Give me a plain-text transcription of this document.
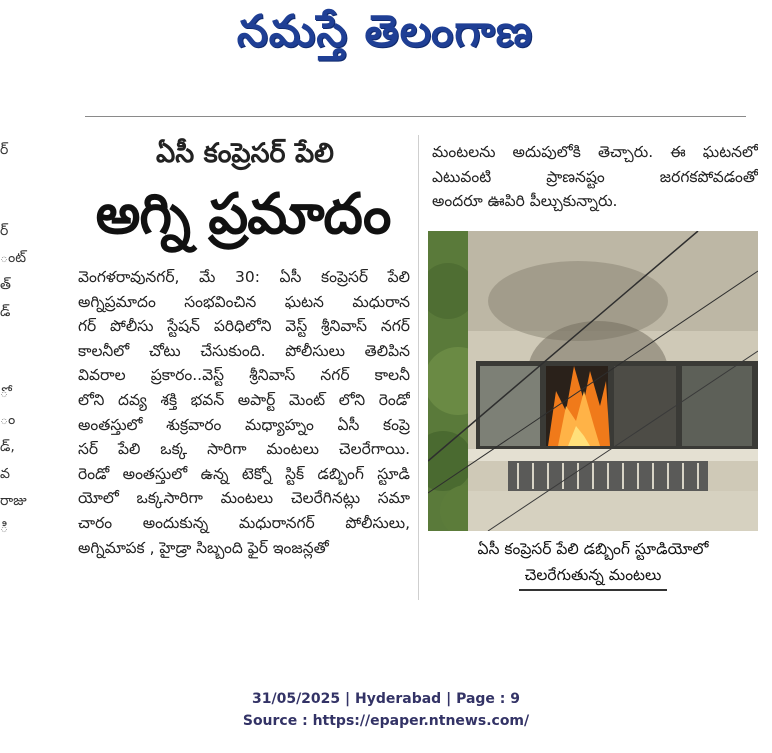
నమస్తే తెలంగాణ
ర్
ర్
ంట్
త్
డ్
ో
ం
డ్,
వ
రాజు
ి
ఏసీ కంప్రెసర్ పేలి
అగ్ని ప్రమాదం
వెంగళరావునగర్, మే 30: ఏసీ కంప్రెసర్ పేలి
అగ్నిప్రమాదం సంభవించిన ఘటన మధురాన
గర్ పోలీసు స్టేషన్ పరిధిలోని వెస్ట్ శ్రీనివాస్ నగర్
కాలనీలో చోటు చేసుకుంది. పోలీసులు తెలిపిన
వివరాల ప్రకారం..వెస్ట్ శ్రీనివాస్ నగర్ కాలనీ
లోని దవ్య శక్తి భవన్ అపార్ట్ మెంట్ లోని రెండో
అంతస్తులో శుక్రవారం మధ్యాహ్నం ఏసీ కంప్రె
సర్ పేలి ఒక్క సారిగా మంటలు చెలరేగాయి.
రెండో అంతస్తులో ఉన్న టెక్నో స్టిక్ డబ్బింగ్ స్టూడి
యోలో ఒక్కసారిగా మంటలు చెలరేగినట్లు సమా
చారం అందుకున్న మధురానగర్ పోలీసులు,
అగ్నిమాపక , హైడ్రా సిబ్బంది ఫైర్ ఇంజన్లతో
మంటలను అదుపులోకి తెచ్చారు. ఈ ఘటనలో
ఎటువంటి ప్రాణనష్టం జరగకపోవడంతో
అందరూ ఊపిరి పీల్చుకున్నారు.
ఏసీ కంప్రెసర్ పేలి డబ్బింగ్ స్టూడియోలో
చెలరేగుతున్న మంటలు
31/05/2025 | Hyderabad | Page : 9
Source : https://epaper.ntnews.com/
